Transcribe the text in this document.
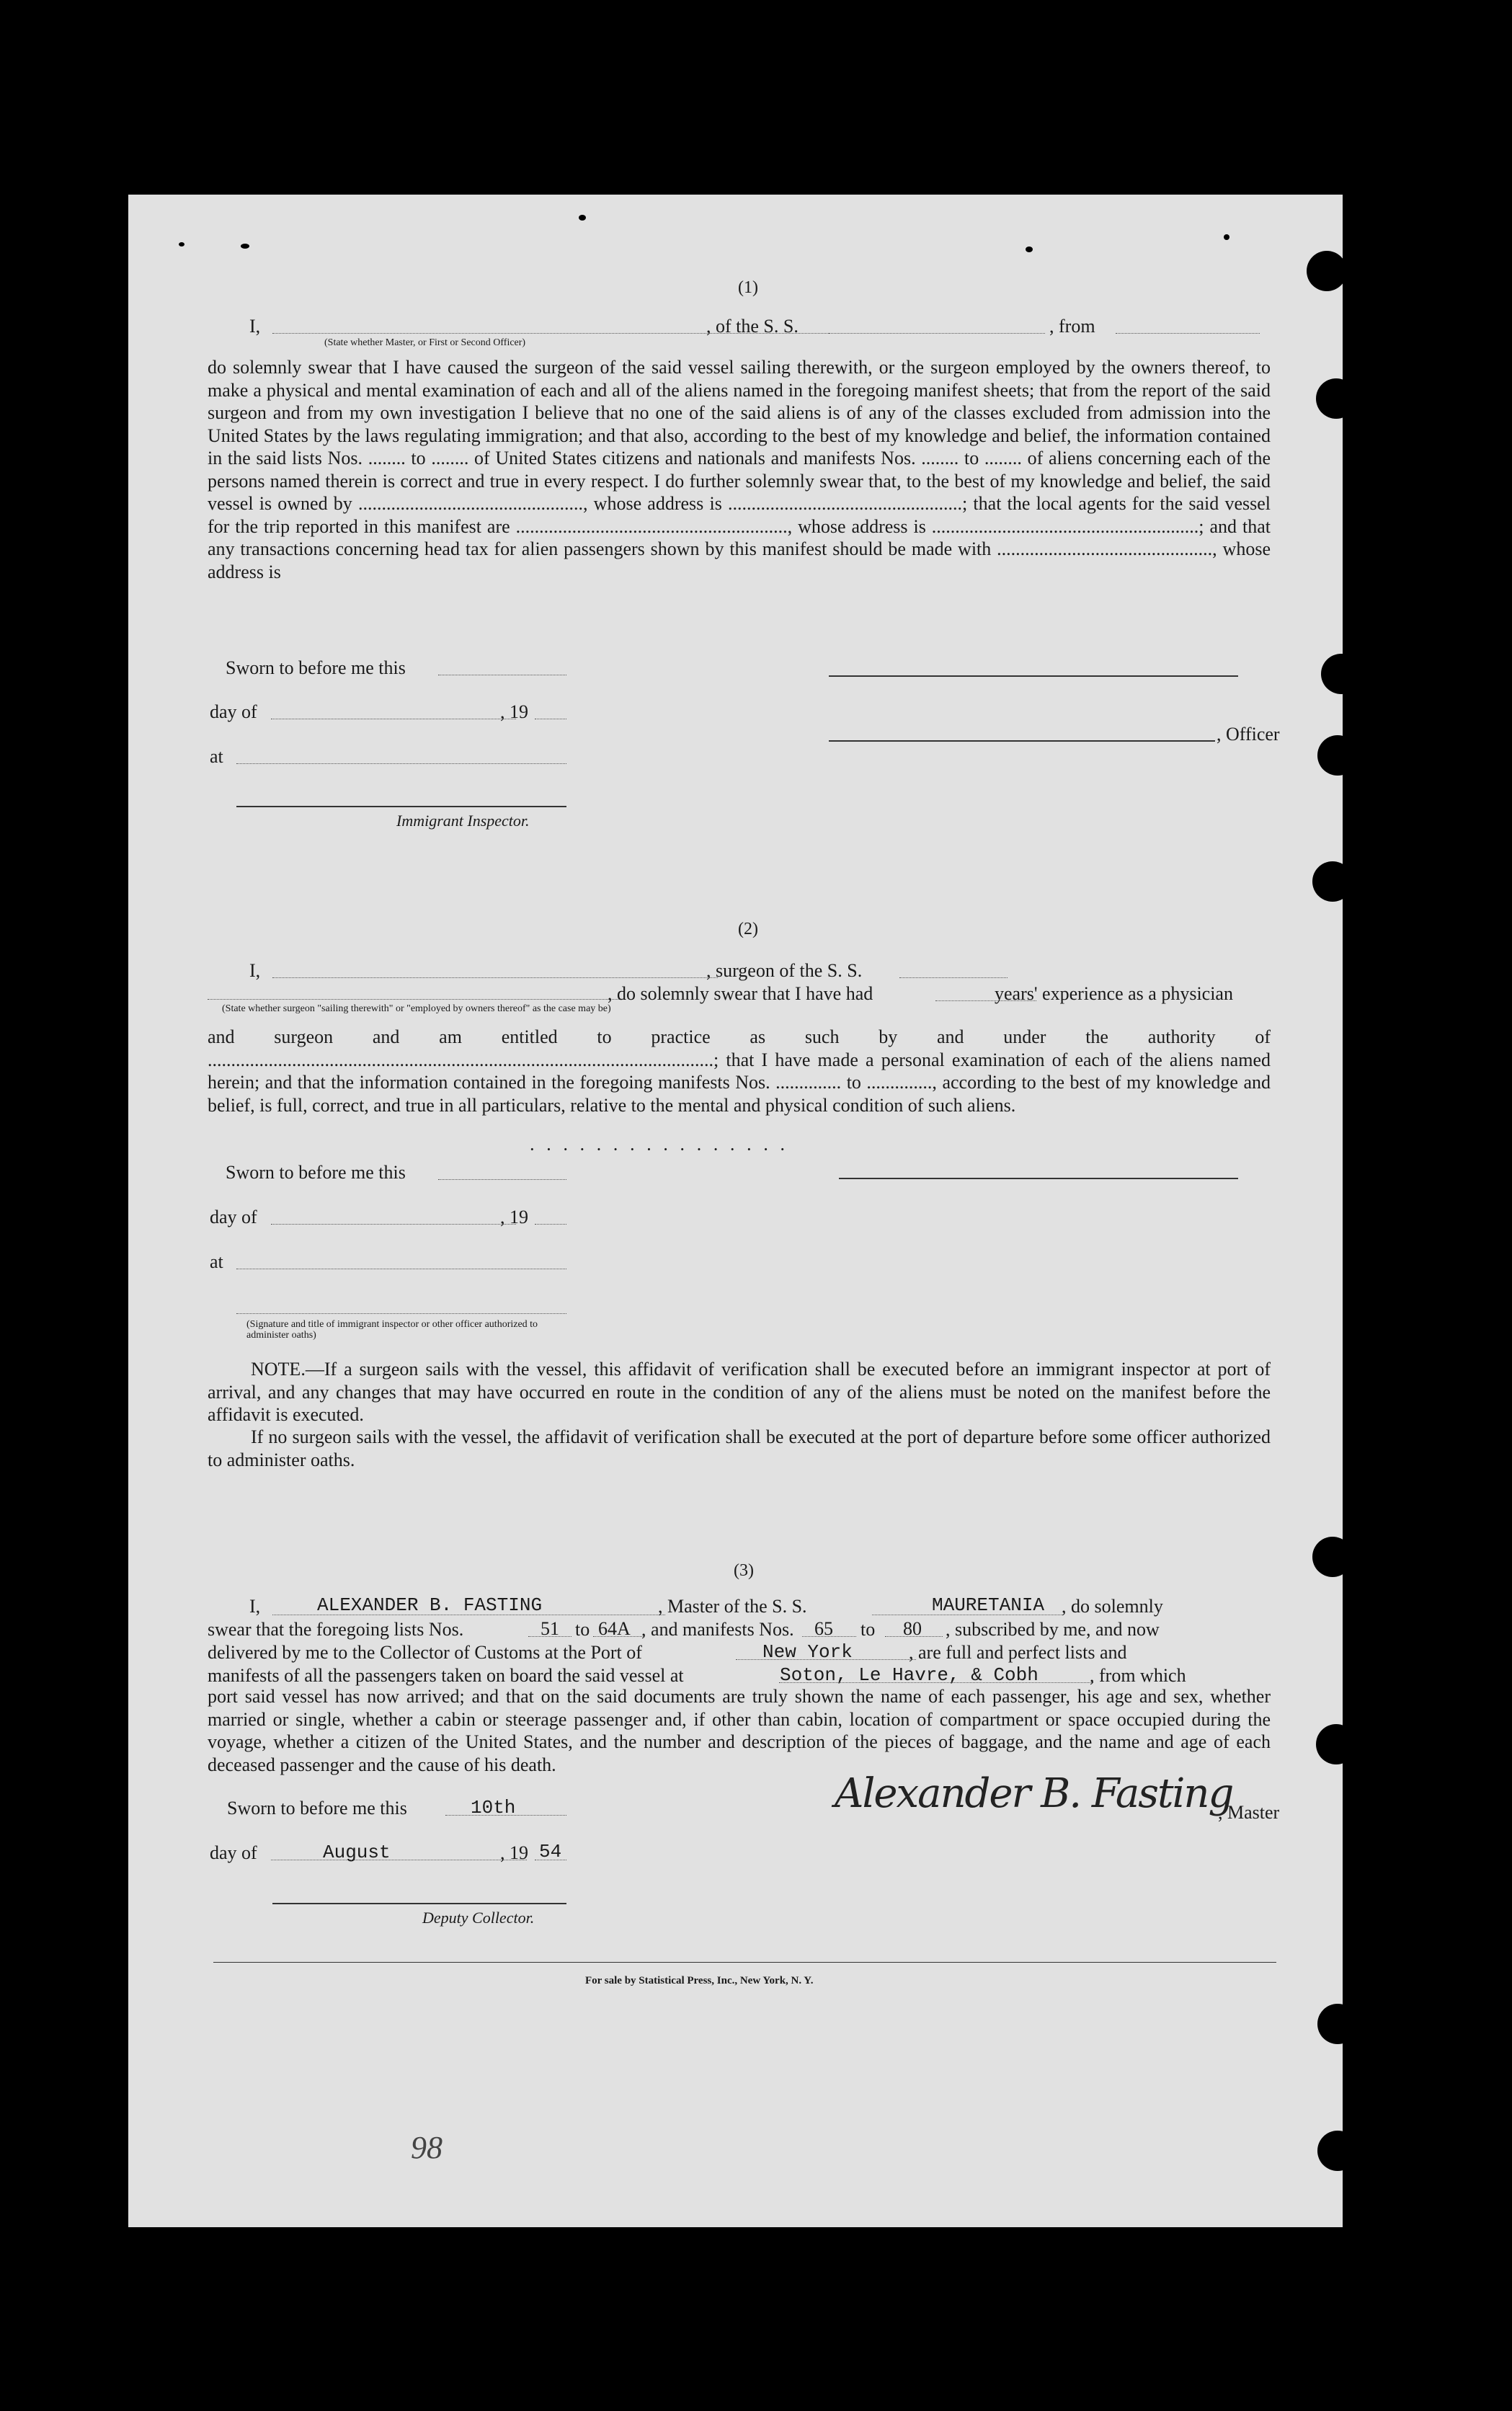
(1)
I,
(State whether Master, or First or Second Officer)
, of the S. S.	, from
do solemnly swear that I have caused the surgeon of the said vessel sailing therewith, or the surgeon employed by the owners thereof, to make a physical and mental examination of each and all of the aliens named in the foregoing manifest sheets; that from the report of the said surgeon and from my own investigation I believe that no one of the said aliens is of any of the classes excluded from admission into the United States by the laws regulating immigration; and that also, according to the best of my knowledge and belief, the information contained in the said lists Nos. ........ to ........ of United States citizens and nationals and manifests Nos. ........ to ........ of aliens concerning each of the persons named therein is correct and true in every respect. I do further solemnly swear that, to the best of my knowledge and belief, the said vessel is owned by ................................................, whose address is ..................................................; that the local agents for the said vessel for the trip reported in this manifest are .........................................................., whose address is .........................................................; and that any transactions concerning head tax for alien passengers shown by this manifest should be made with .............................................., whose address is
Sworn to before me this
day of	, 19
at
Immigrant Inspector.
, Officer
(2)
I,	, surgeon of the S. S.
, do solemnly swear that I have had	years' experience as a physician
(State whether surgeon "sailing therewith" or "employed by owners thereof" as the case may be)
and surgeon and am entitled to practice as such by and under the authority of ............................................................................................................; that I have made a personal examination of each of the aliens named herein; and that the information contained in the foregoing manifests Nos. .............. to .............., according to the best of my knowledge and belief, is full, correct, and true in all particulars, relative to the mental and physical condition of such aliens.
· · · · · · · · · · · · · · · ·
Sworn to before me this
day of	, 19
at
(Signature and title of immigrant inspector or other officer authorized to administer oaths)
NOTE.—If a surgeon sails with the vessel, this affidavit of verification shall be executed before an immigrant inspector at port of arrival, and any changes that may have occurred en route in the condition of any of the aliens must be noted on the manifest before the affidavit is executed.
If no surgeon sails with the vessel, the affidavit of verification shall be executed at the port of departure before some officer authorized to administer oaths.
(3)
I,	ALEXANDER B. FASTING	, Master of the S. S.	MAURETANIA , do solemnly
swear that the foregoing lists Nos.	51 to 64A , and manifests Nos. 65 to 80 , subscribed by me, and now
delivered by me to the Collector of Customs at the Port of	New York	, are full and perfect lists and
manifests of all the passengers taken on board the said vessel at	Soton, Le Havre, & Cobh	, from which
port said vessel has now arrived; and that on the said documents are truly shown the name of each passenger, his age and sex, whether married or single, whether a cabin or steerage passenger and, if other than cabin, location of compartment or space occupied during the voyage, whether a citizen of the United States, and the number and description of the pieces of baggage, and the name and age of each deceased passenger and the cause of his death.
Sworn to before me this	10th
day of	August	, 19 54
Alexander B. Fasting
, Master
Deputy Collector.
For sale by Statistical Press, Inc., New York, N. Y.
98
